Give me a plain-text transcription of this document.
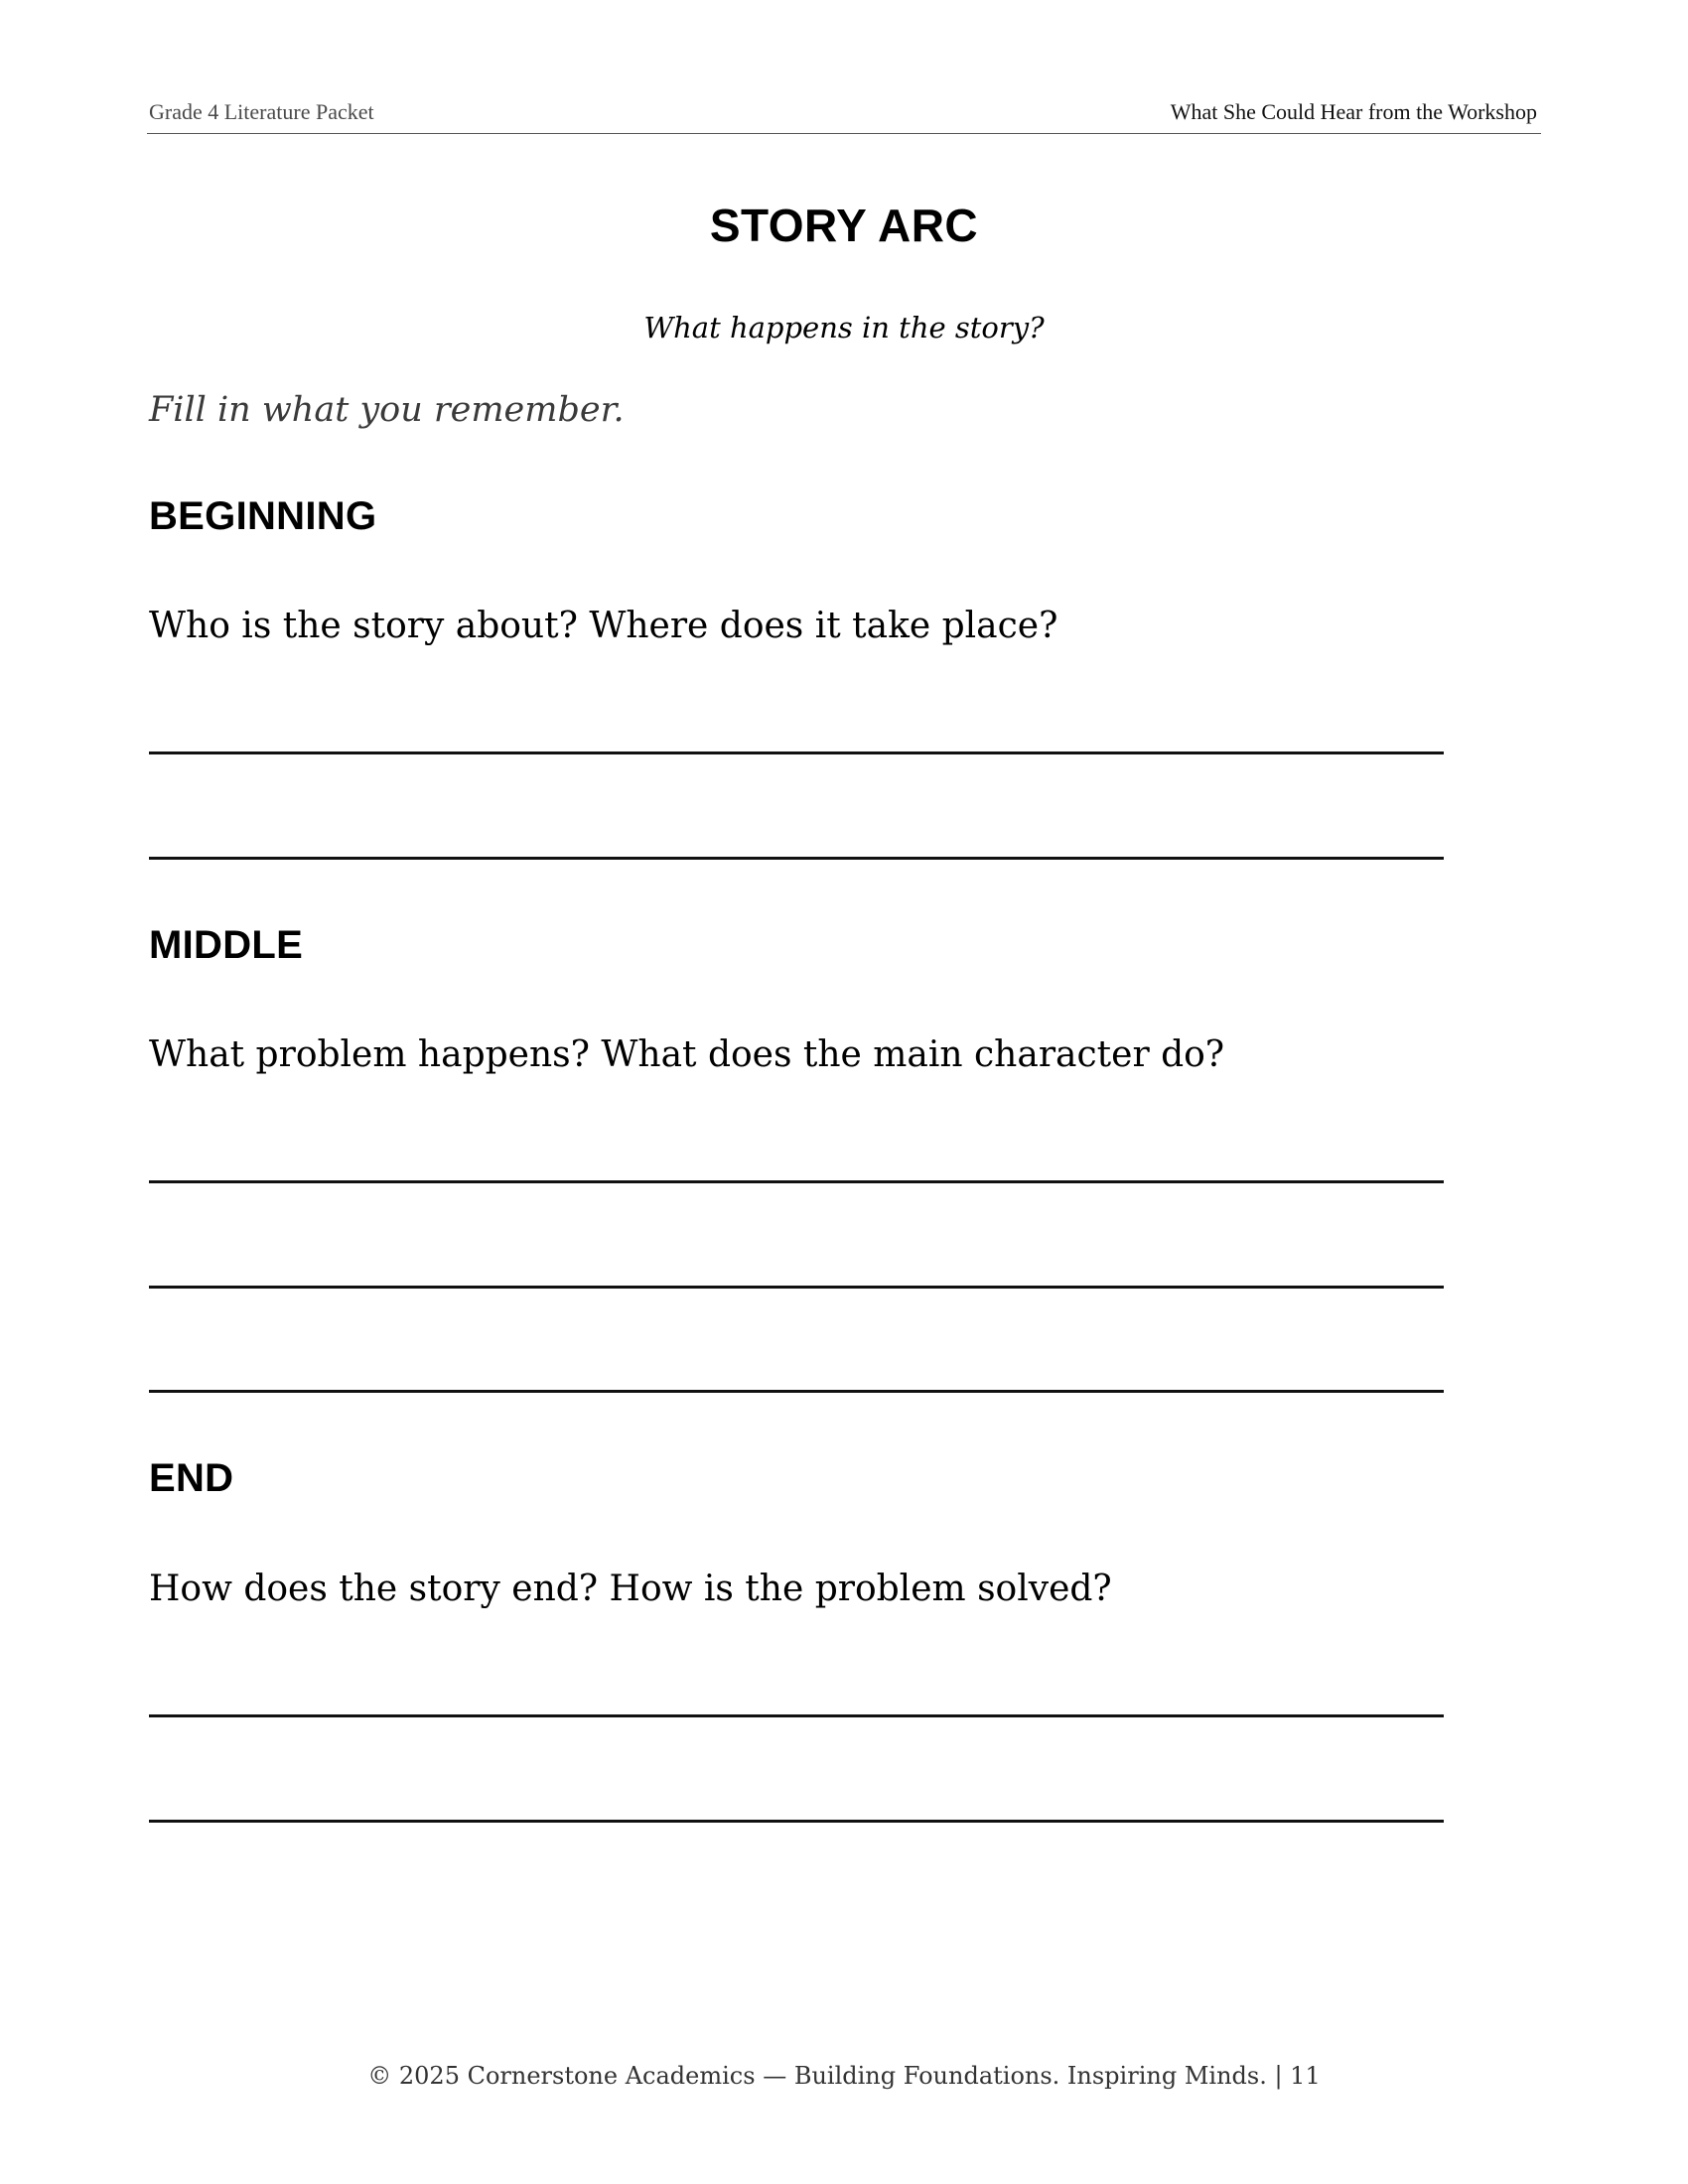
Grade 4 Literature Packet	What She Could Hear from the Workshop
STORY ARC
What happens in the story?
Fill in what you remember.
BEGINNING
Who is the story about? Where does it take place?
MIDDLE
What problem happens? What does the main character do?
END
How does the story end? How is the problem solved?
© 2025 Cornerstone Academics — Building Foundations. Inspiring Minds. | 11
